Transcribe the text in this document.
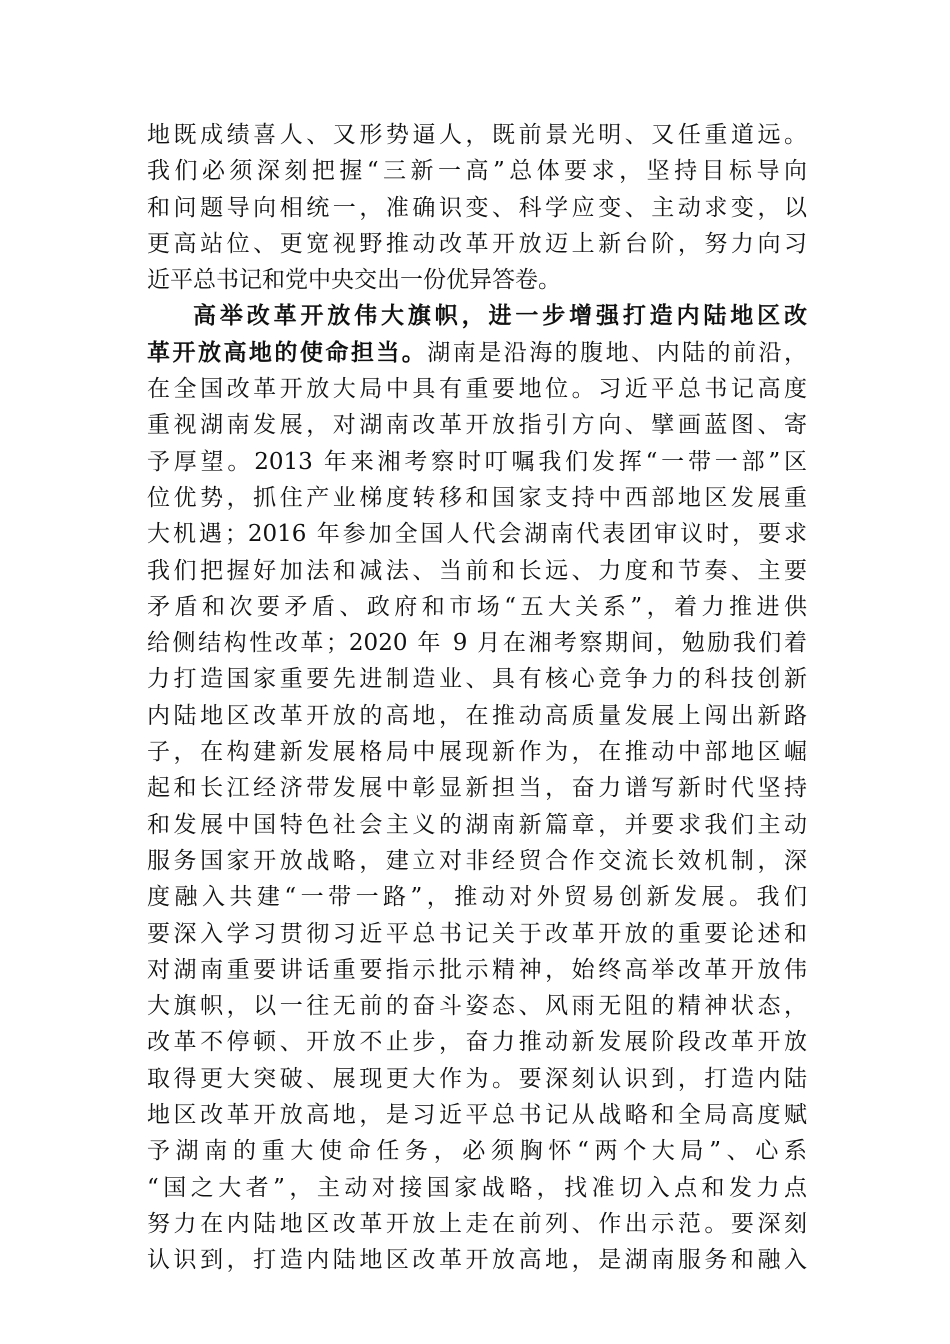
地既成绩喜人、又形势逼人，既前景光明、又任重道远。
我们必须深刻把握“三新一高”总体要求，坚持目标导向
和问题导向相统一，准确识变、科学应变、主动求变，以
更高站位、更宽视野推动改革开放迈上新台阶，努力向习
近平总书记和党中央交出一份优异答卷。
高举改革开放伟大旗帜，进一步增强打造内陆地区改
革开放高地的使命担当。湖南是沿海的腹地、内陆的前沿，
在全国改革开放大局中具有重要地位。习近平总书记高度
重视湖南发展，对湖南改革开放指引方向、擘画蓝图、寄
予厚望。2013 年来湘考察时叮嘱我们发挥“一带一部”区
位优势，抓住产业梯度转移和国家支持中西部地区发展重
大机遇；2016 年参加全国人代会湖南代表团审议时，要求
我们把握好加法和减法、当前和长远、力度和节奏、主要
矛盾和次要矛盾、政府和市场“五大关系”，着力推进供
给侧结构性改革；2020 年 9 月在湘考察期间，勉励我们着
力打造国家重要先进制造业、具有核心竞争力的科技创新
内陆地区改革开放的高地，在推动高质量发展上闯出新路
子，在构建新发展格局中展现新作为，在推动中部地区崛
起和长江经济带发展中彰显新担当，奋力谱写新时代坚持
和发展中国特色社会主义的湖南新篇章，并要求我们主动
服务国家开放战略，建立对非经贸合作交流长效机制，深
度融入共建“一带一路”，推动对外贸易创新发展。我们
要深入学习贯彻习近平总书记关于改革开放的重要论述和
对湖南重要讲话重要指示批示精神，始终高举改革开放伟
大旗帜，以一往无前的奋斗姿态、风雨无阻的精神状态，
改革不停顿、开放不止步，奋力推动新发展阶段改革开放
取得更大突破、展现更大作为。要深刻认识到，打造内陆
地区改革开放高地，是习近平总书记从战略和全局高度赋
予湖南的重大使命任务，必须胸怀“两个大局”、心系
“国之大者”，主动对接国家战略，找准切入点和发力点
努力在内陆地区改革开放上走在前列、作出示范。要深刻
认识到，打造内陆地区改革开放高地，是湖南服务和融入
